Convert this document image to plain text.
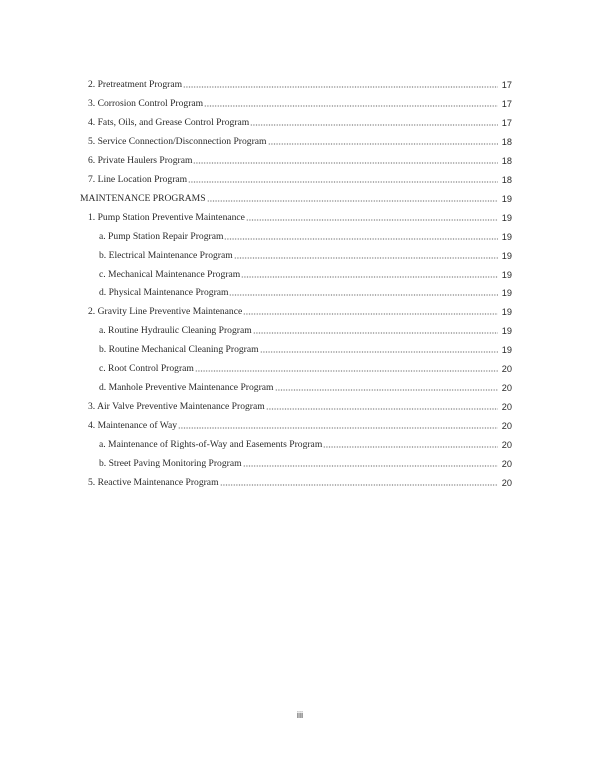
2. Pretreatment Program	17
3. Corrosion Control Program	17
4. Fats, Oils, and Grease Control Program	17
5. Service Connection/Disconnection Program	18
6. Private Haulers Program	18
7. Line Location Program	18
MAINTENANCE PROGRAMS	19
1. Pump Station Preventive Maintenance	19
a. Pump Station Repair Program	19
b. Electrical Maintenance Program	19
c. Mechanical Maintenance Program	19
d. Physical Maintenance Program	19
2. Gravity Line Preventive Maintenance	19
a. Routine Hydraulic Cleaning Program	19
b. Routine Mechanical Cleaning Program	19
c. Root Control Program	20
d. Manhole Preventive Maintenance Program	20
3. Air Valve Preventive Maintenance Program	20
4. Maintenance of Way	20
a. Maintenance of Rights-of-Way and Easements Program	20
b. Street Paving Monitoring Program	20
5. Reactive Maintenance Program	20
iii
